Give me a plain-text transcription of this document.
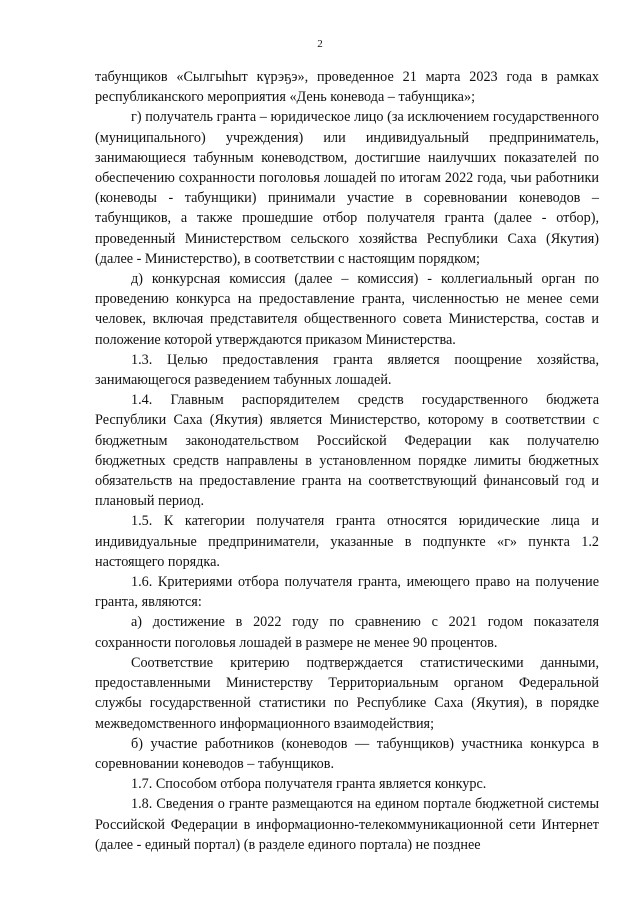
2

табунщиков «Сылгыһыт күрэҕэ», проведенное 21 марта 2023 года в рамках республиканского мероприятия «День коневода – табунщика»;

г) получатель гранта – юридическое лицо (за исключением государственного (муниципального) учреждения) или индивидуальный предприниматель, занимающиеся табунным коневодством, достигшие наилучших показателей по обеспечению сохранности поголовья лошадей по итогам 2022 года, чьи работники (коневоды - табунщики) принимали участие в соревновании коневодов – табунщиков, а также прошедшие отбор получателя гранта (далее - отбор), проведенный Министерством сельского хозяйства Республики Саха (Якутия) (далее - Министерство), в соответствии с настоящим порядком;

д) конкурсная комиссия (далее – комиссия) - коллегиальный орган по проведению конкурса на предоставление гранта, численностью не менее семи человек, включая представителя общественного совета Министерства, состав и положение которой утверждаются приказом Министерства.

1.3. Целью предоставления гранта является поощрение хозяйства, занимающегося разведением табунных лошадей.

1.4. Главным распорядителем средств государственного бюджета Республики Саха (Якутия) является Министерство, которому в соответствии с бюджетным законодательством Российской Федерации как получателю бюджетных средств направлены в установленном порядке лимиты бюджетных обязательств на предоставление гранта на соответствующий финансовый год и плановый период.

1.5. К категории получателя гранта относятся юридические лица и индивидуальные предприниматели, указанные в подпункте «г» пункта 1.2 настоящего порядка.

1.6. Критериями отбора получателя гранта, имеющего право на получение гранта, являются:

а) достижение в 2022 году по сравнению с 2021 годом показателя сохранности поголовья лошадей в размере не менее 90 процентов.

Соответствие критерию подтверждается статистическими данными, предоставленными Министерству Территориальным органом Федеральной службы государственной статистики по Республике Саха (Якутия), в порядке межведомственного информационного взаимодействия;

б) участие работников (коневодов — табунщиков) участника конкурса в соревновании коневодов – табунщиков.

1.7. Способом отбора получателя гранта является конкурс.

1.8. Сведения о гранте размещаются на едином портале бюджетной системы Российской Федерации в информационно-телекоммуникационной сети Интернет (далее - единый портал) (в разделе единого портала) не позднее
